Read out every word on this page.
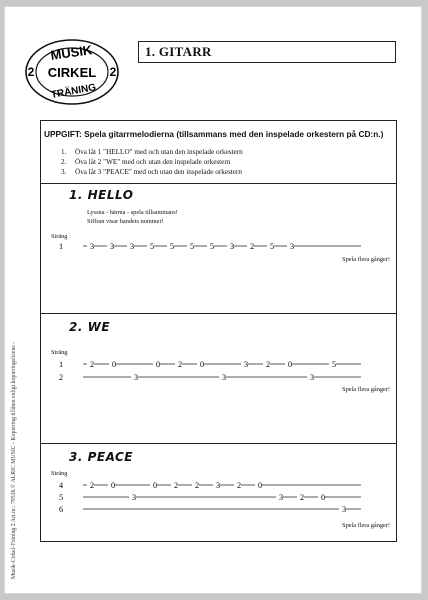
MUSIK
CIRKEL
TRÄNING
2	2
1. GITARR
Musik-Cirkel-Träning 2 Art.nr.: 79536 © ALRIC MUSIC - Kopiering tillåten enligt kopieringslicens -
UPPGIFT: Spela gitarrmelodierna (tillsammans med den inspelade orkestern på CD:n.)
1. Öva låt 1 "HELLO" med och utan den inspelade orkestern
2. Öva låt 2 "WE" med och utan den inspelade orkestern
3. Öva låt 3 "PEACE" med och utan den inspelade orkestern
1. HELLO
Lyssna - härma - spela tillsammans!
Siffran visar bandets nummer!
Sträng
1	3 3 3 5 5 5 5 3 2 5 3
Spela flera gånger!
2. WE
Sträng
1
2
2 0
3
0 2 0
3
3 2 0
3
5
Spela flera gånger!
3. PEACE
Sträng
4
5
6
2 0
3
0 2 2 3 2 0
3 2 0
3
Spela flera gånger!
